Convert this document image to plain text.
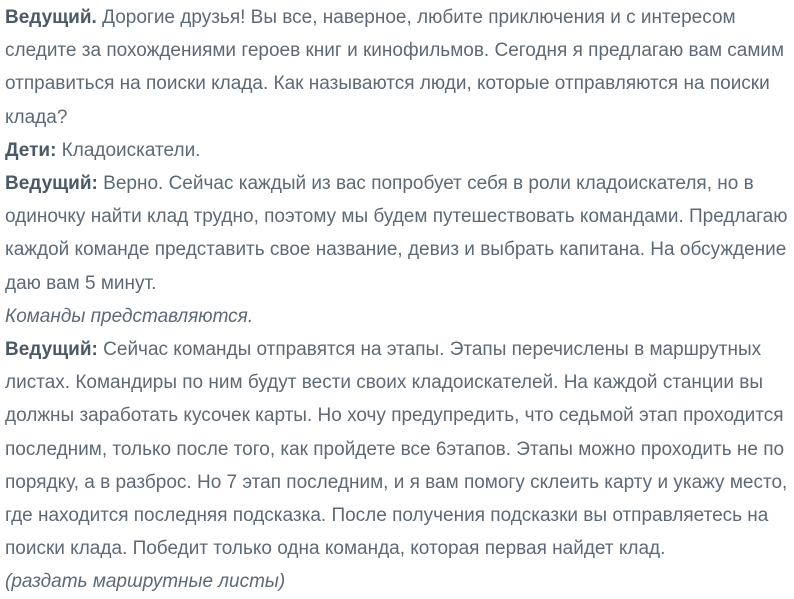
Ведущий. Дорогие друзья! Вы все, наверное, любите приключения и с интересом следите за похождениями героев книг и кинофильмов. Сегодня я предлагаю вам самим отправиться на поиски клада. Как называются люди, которые отправляются на поиски клада?

Дети: Кладоискатели.

Ведущий: Верно. Сейчас каждый из вас попробует себя в роли кладоискателя, но в одиночку найти клад трудно, поэтому мы будем путешествовать командами. Предлагаю каждой команде представить свое название, девиз и выбрать капитана. На обсуждение даю вам 5 минут.

Команды представляются.

Ведущий: Сейчас команды отправятся на этапы. Этапы перечислены в маршрутных листах. Командиры по ним будут вести своих кладоискателей. На каждой станции вы должны заработать кусочек карты. Но хочу предупредить, что седьмой этап проходится последним, только после того, как пройдете все 6этапов. Этапы можно проходить не по порядку, а в разброс. Но 7 этап последним, и я вам помогу склеить карту и укажу место, где находится последняя подсказка. После получения подсказки вы отправляетесь на поиски клада. Победит только одна команда, которая первая найдет клад.

(раздать маршрутные листы)
